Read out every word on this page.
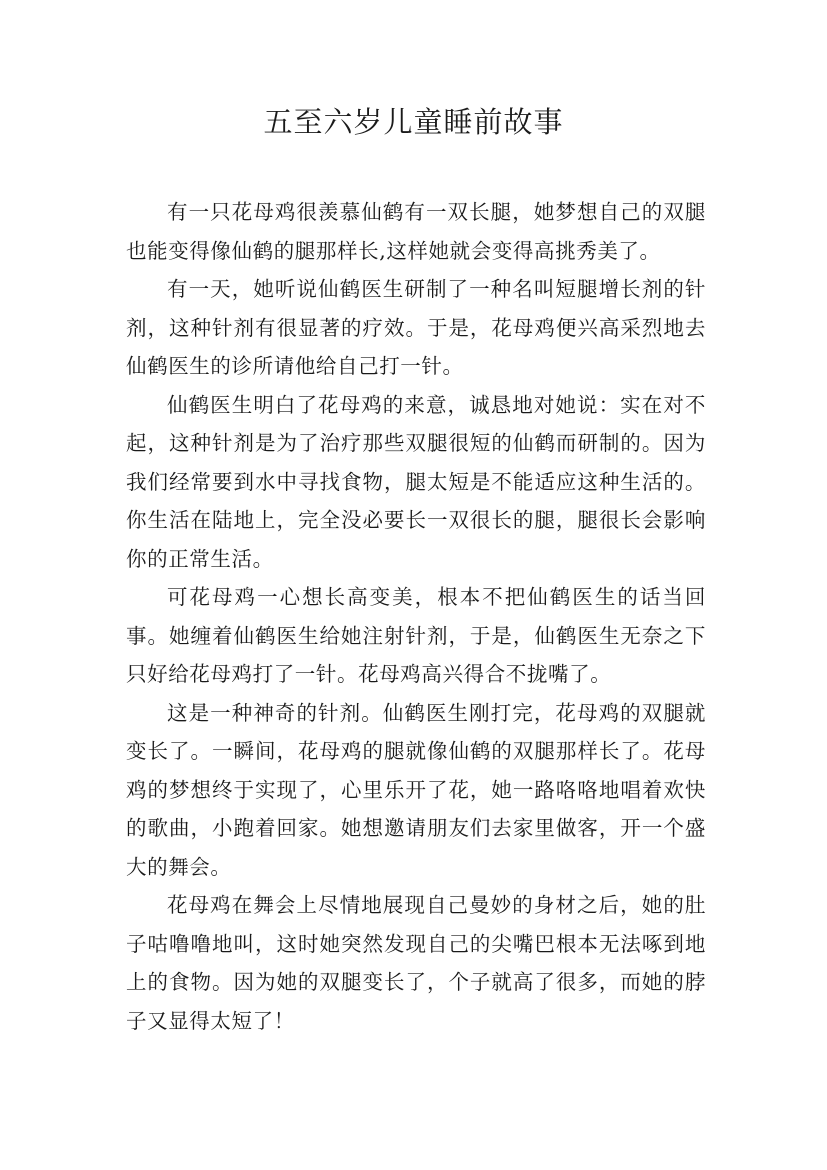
五至六岁儿童睡前故事

有一只花母鸡很羡慕仙鹤有一双长腿，她梦想自己的双腿也能变得像仙鹤的腿那样长,这样她就会变得高挑秀美了。

有一天，她听说仙鹤医生研制了一种名叫短腿增长剂的针剂，这种针剂有很显著的疗效。于是，花母鸡便兴高采烈地去仙鹤医生的诊所请他给自己打一针。

仙鹤医生明白了花母鸡的来意，诚恳地对她说：实在对不起，这种针剂是为了治疗那些双腿很短的仙鹤而研制的。因为我们经常要到水中寻找食物，腿太短是不能适应这种生活的。你生活在陆地上，完全没必要长一双很长的腿，腿很长会影响你的正常生活。

可花母鸡一心想长高变美，根本不把仙鹤医生的话当回事。她缠着仙鹤医生给她注射针剂，于是，仙鹤医生无奈之下只好给花母鸡打了一针。花母鸡高兴得合不拢嘴了。

这是一种神奇的针剂。仙鹤医生刚打完，花母鸡的双腿就变长了。一瞬间，花母鸡的腿就像仙鹤的双腿那样长了。花母鸡的梦想终于实现了，心里乐开了花，她一路咯咯地唱着欢快的歌曲，小跑着回家。她想邀请朋友们去家里做客，开一个盛大的舞会。

花母鸡在舞会上尽情地展现自己曼妙的身材之后，她的肚子咕噜噜地叫，这时她突然发现自己的尖嘴巴根本无法啄到地上的食物。因为她的双腿变长了，个子就高了很多，而她的脖子又显得太短了！
